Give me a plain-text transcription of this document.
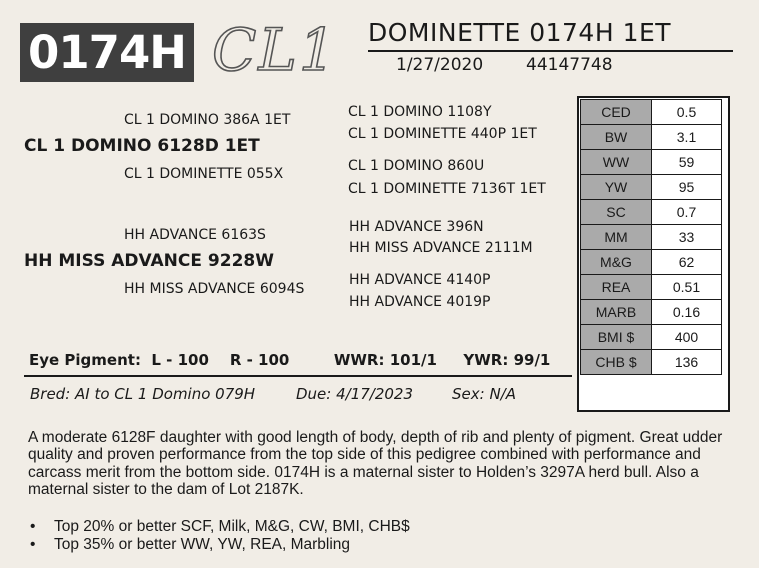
0174H CL1 DOMINETTE 0174H 1ET
1/27/2020	44147748
CL 1 DOMINO 386A 1ET
CL 1 DOMINO 6128D 1ET
CL 1 DOMINETTE 055X
CL 1 DOMINO 1108Y
CL 1 DOMINETTE 440P 1ET
CL 1 DOMINO 860U
CL 1 DOMINETTE 7136T 1ET
HH ADVANCE 6163S
HH MISS ADVANCE 9228W
HH MISS ADVANCE 6094S
HH ADVANCE 396N
HH MISS ADVANCE 2111M
HH ADVANCE 4140P
HH ADVANCE 4019P
CED	0.5
BW	3.1
WW	59
YW	95
SC	0.7
MM	33
M&G	62
REA	0.51
MARB	0.16
BMI $	400
CHB $	136
Eye Pigment:  L - 100    R - 100	WWR: 101/1 YWR: 99/1
Bred: AI to CL 1 Domino 079H	Due: 4/17/2023	Sex: N/A
A moderate 6128F daughter with good length of body, depth of rib and plenty of pigment. Great udder quality and proven performance from the top side of this pedigree combined with performance and carcass merit from the bottom side. 0174H is a maternal sister to Holden’s 3297A herd bull. Also a maternal sister to the dam of Lot 2187K.
•	Top 20% or better SCF, Milk, M&G, CW, BMI, CHB$
•	Top 35% or better WW, YW, REA, Marbling
